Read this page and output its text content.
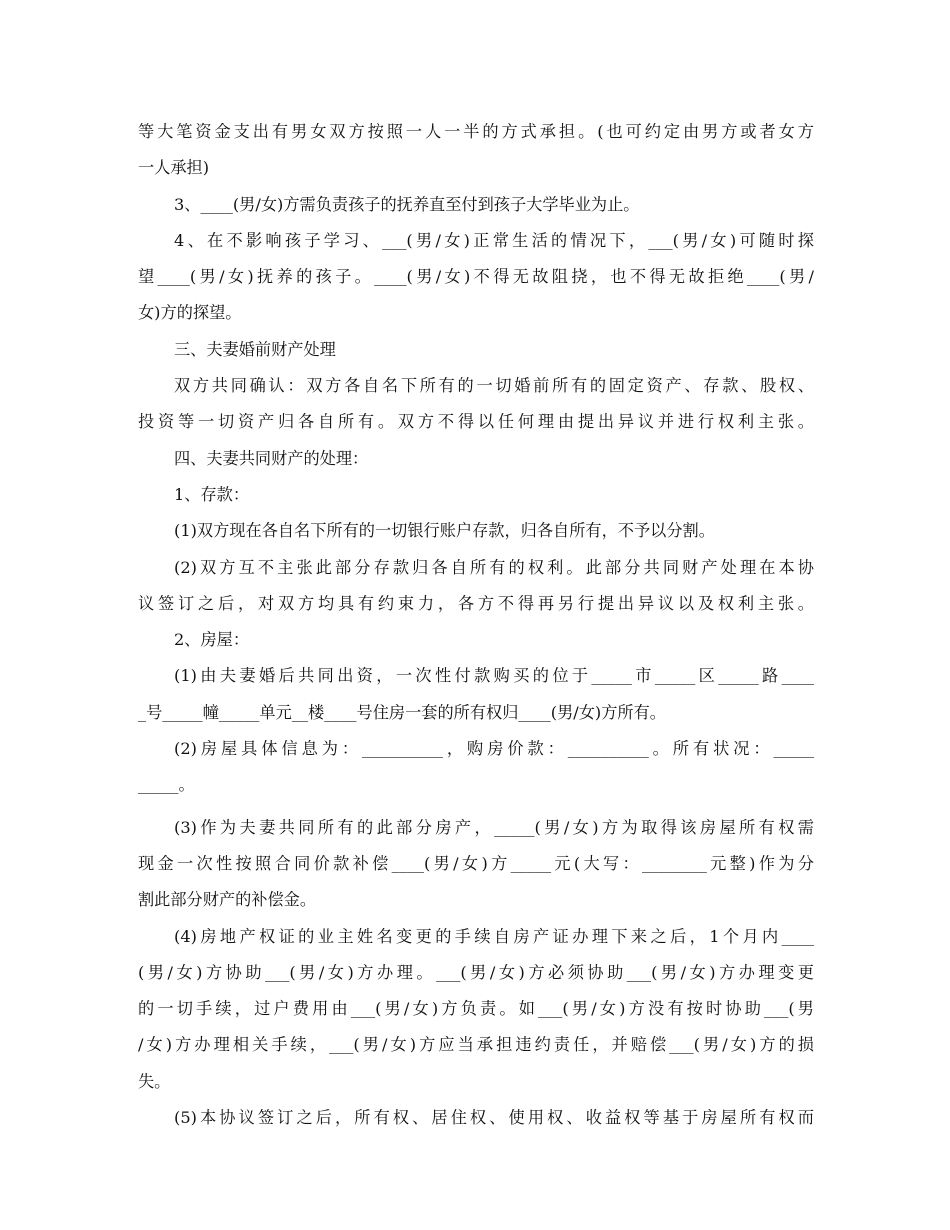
等大笔资金支出有男女双方按照一人一半的方式承担。(也可约定由男方或者女方
一人承担)
3、____(男/女)方需负责孩子的抚养直至付到孩子大学毕业为止。
4、在不影响孩子学习、___(男/女)正常生活的情况下，___(男/女)可随时探
望____(男/女)抚养的孩子。____(男/女)不得无故阻挠，也不得无故拒绝____(男/
女)方的探望。
三、夫妻婚前财产处理
双方共同确认：双方各自名下所有的一切婚前所有的固定资产、存款、股权、
投资等一切资产归各自所有。双方不得以任何理由提出异议并进行权利主张。
四、夫妻共同财产的处理：
1、存款：
(1)双方现在各自名下所有的一切银行账户存款，归各自所有，不予以分割。
(2)双方互不主张此部分存款归各自所有的权利。此部分共同财产处理在本协
议签订之后，对双方均具有约束力，各方不得再另行提出异议以及权利主张。
2、房屋：
(1)由夫妻婚后共同出资，一次性付款购买的位于_____市_____区_____路____
_号_____幢_____单元__楼____号住房一套的所有权归____(男/女)方所有。
(2)房屋具体信息为：__________，购房价款：__________。所有状况：_____
_____。
(3)作为夫妻共同所有的此部分房产，_____(男/女)方为取得该房屋所有权需
现金一次性按照合同价款补偿____(男/女)方_____元(大写：________元整)作为分
割此部分财产的补偿金。
(4)房地产权证的业主姓名变更的手续自房产证办理下来之后，1个月内____
(男/女)方协助___(男/女)方办理。___(男/女)方必须协助___(男/女)方办理变更
的一切手续，过户费用由___(男/女)方负责。如___(男/女)方没有按时协助___(男
/女)方办理相关手续，___(男/女)方应当承担违约责任，并赔偿___(男/女)方的损
失。
(5)本协议签订之后，所有权、居住权、使用权、收益权等基于房屋所有权而
